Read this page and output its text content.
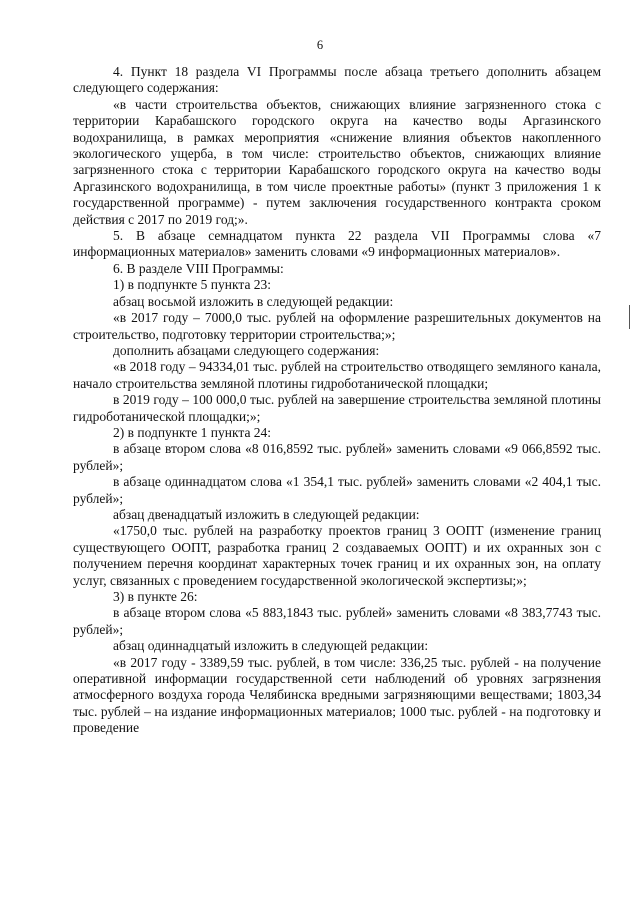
6

4. Пункт 18 раздела VI Программы после абзаца третьего дополнить абзацем следующего содержания:

«в части строительства объектов, снижающих влияние загрязненного стока с территории Карабашского городского округа на качество воды Аргазинского водохранилища, в рамках мероприятия «снижение влияния объектов накопленного экологического ущерба, в том числе: строительство объектов, снижающих влияние загрязненного стока с территории Карабашского городского округа на качество воды Аргазинского водохранилища, в том числе проектные работы» (пункт 3 приложения 1 к государственной программе) - путем заключения государственного контракта сроком действия с 2017 по 2019 год;».

5. В абзаце семнадцатом пункта 22 раздела VII Программы слова «7 информационных материалов» заменить словами «9 информационных материалов».

6. В разделе VIII Программы:

1) в подпункте 5 пункта 23:

абзац восьмой изложить в следующей редакции:

«в 2017 году – 7000,0 тыс. рублей на оформление разрешительных документов на строительство, подготовку территории строительства;»;

дополнить абзацами следующего содержания:

«в 2018 году – 94334,01 тыс. рублей на строительство отводящего земляного канала, начало строительства земляной плотины гидроботанической площадки;

в 2019 году – 100 000,0 тыс. рублей на завершение строительства земляной плотины гидроботанической площадки;»;

2) в подпункте 1 пункта 24:

в абзаце втором слова «8 016,8592 тыс. рублей» заменить словами «9 066,8592 тыс. рублей»;

в абзаце одиннадцатом слова «1 354,1 тыс. рублей» заменить словами «2 404,1 тыс. рублей»;

абзац двенадцатый изложить в следующей редакции:

«1750,0 тыс. рублей на разработку проектов границ 3 ООПТ (изменение границ существующего ООПТ, разработка границ 2 создаваемых ООПТ) и их охранных зон с получением перечня координат характерных точек границ и их охранных зон, на оплату услуг, связанных с проведением государственной экологической экспертизы;»;

3) в пункте 26:

в абзаце втором слова «5 883,1843 тыс. рублей» заменить словами «8 383,7743 тыс. рублей»;

абзац одиннадцатый изложить в следующей редакции:

«в 2017 году - 3389,59 тыс. рублей, в том числе: 336,25 тыс. рублей - на получение оперативной информации государственной сети наблюдений об уровнях загрязнения атмосферного воздуха города Челябинска вредными загрязняющими веществами; 1803,34 тыс. рублей – на издание информационных материалов; 1000 тыс. рублей - на подготовку и проведение
